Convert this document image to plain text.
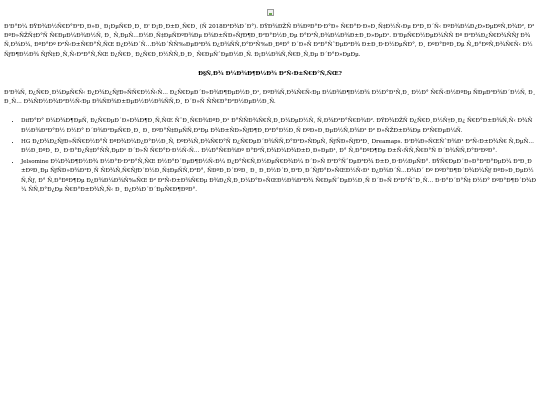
Ð'Ð°Ð¼ ÐŸÐ¾Ð½Ñ€Ð°Ð²Ð¸Ð»Ð¸ Ð¡ÐµÑ€Ð¸Ð¸ Ð' Ð¡Ð¸Ð±Ð¸Ñ€Ð¸ (Ñ 2018Ð³Ð¾Ð´Ð°). ÐŸÐ¾ÐŽÑ Ð¾ÐºÐ°Ð·Ð°Ð» Ñ€Ð°Ð·Ð»Ð¸Ñ‡Ð½Ñ‹Ðµ Ð²Ð¸Ð´Ñ‹ ÐºÐ¾Ð¼Ð¿Ð»ÐµÐºÑ‚Ð¾Ð², Ð²ÐºÐ»ÑŽÑ‡Ð°Ñ Ñ€ÐµÐ¼Ð¾Ð½Ñ‚ Ð¸ Ñ‚ÐµÑ…Ð½Ð¸Ñ‡ÐµÑÐºÐ¾Ðµ Ð¾Ð±ÑÐ»ÑƒÐ¶Ð¸Ð²Ð°Ð½Ð¸Ðµ Ð°Ð²Ñ‚Ð¾Ð¼Ð¾Ð±Ð¸Ð»ÐµÐ¹. Ð'ÐµÑ€Ð½ÐµÐ¼ÑÑ Ðº Ð²Ð¾Ð¿Ñ€Ð¾ÑÑƒ Ð¾ Ñ‚Ð¾Ð¼, ÐºÐ°Ðº Ð²Ñ‹Ð±Ñ€Ð°Ñ‚ÑŒ Ð¿Ð¾Ð´Ñ…Ð¾Ð´ÑÑ‰ÐµÐ³Ð¾ Ð¿Ð¾ÑÑ‚Ð°Ð²Ñ‰Ð¸ÐºÐ° Ð´Ð»Ñ Ð²Ð°ÑˆÐµÐ³Ð¾ Ð±Ð¸Ð·Ð½ÐµÑÐ°, Ð¸ ÐºÐ°ÐºÐ¸Ðµ Ñ„Ð°ÐºÑ‚Ð¾Ñ€Ñ‹ Ð½ÑƒÐ¶Ð½Ð¾ ÑƒÑ‡Ð¸Ñ‚Ñ‹Ð²Ð°Ñ‚ÑŒ Ð¿Ñ€Ð¸ Ð¿Ñ€Ð¸Ð½ÑÑ‚Ð¸Ð¸ Ñ€ÐµÑˆÐµÐ½Ð¸Ñ. Ð¡Ð¼Ð¾Ñ‚Ñ€Ð¸Ñ‚Ðµ Ð´Ð°Ð»ÐµÐµ.

Ð§Ñ‚Ð¾ Ð¼Ð¾Ð¶Ð½Ð¾ Ð²Ñ‹Ð±Ñ€Ð°Ñ‚ÑŒ?

Ð'Ð¾Ñ‚ Ð¿Ñ€Ð¸Ð¼ÐµÑ€Ñ‹ Ð¿Ð¾Ð¿ÑƒÐ»ÑÑ€Ð½Ñ‹Ñ… Ð¿Ñ€ÐµÐ´Ð»Ð¾Ð¶ÐµÐ½Ð¸Ð¹, ÐºÐ¾Ñ‚Ð¾Ñ€Ñ‹Ðµ Ð¼Ð¾Ð¶Ð½Ð¾ Ð½Ð°Ð¹Ñ‚Ð¸ Ð½Ð° Ñ€Ñ‹Ð½ÐºÐµ ÑÐµÐ³Ð¾Ð´Ð½Ñ, Ð¸ Ð¸Ñ… Ð¾ÑÐ½Ð¾Ð²Ð½Ñ‹Ðµ Ð¾ÑÐ¾Ð±ÐµÐ½Ð½Ð¾ÑÑ‚Ð¸ Ð´Ð»Ñ ÑÑ€Ð°Ð²Ð½ÐµÐ½Ð¸Ñ.

• DifÐ°Ð° Ð¼Ð¾Ð¶ÐµÑ‚ Ð¿Ñ€ÐµÐ´Ð»Ð¾Ð¶Ð¸Ñ‚ÑŒ ÑˆÐ¸Ñ€Ð¾ÐºÐ¸Ð¹ Ð°ÑÑÐ¾Ñ€Ñ‚Ð¸Ð¼ÐµÐ½Ñ‚ Ñ‚Ð¾Ð²Ð°Ñ€Ð¾Ð². ÐŸÐ¾ÐŽÑ Ð¿Ñ€Ð¸Ð½Ñ†Ð¸Ð¿ Ñ€Ð°Ð±Ð¾Ñ‚Ñ‹ Ð¾ÑÐ½Ð¾Ð²Ð°Ð½ Ð½Ð° Ð´Ð¾Ð²ÐµÑ€Ð¸Ð¸ Ð¸ ÐºÐ°Ñ‡ÐµÑÑ‚Ð²Ðµ Ð¾Ð±ÑÐ»ÑƒÐ¶Ð¸Ð²Ð°Ð½Ð¸Ñ ÐºÐ»Ð¸ÐµÐ½Ñ‚Ð¾Ð² Ð² Ð»ÑŽÐ±Ð¾Ðµ Ð²Ñ€ÐµÐ¼Ñ.
• HG Ð¿Ð¾Ð¿ÑƒÐ»ÑÑ€Ð½Ð°Ñ ÐºÐ¾Ð¼Ð¿Ð°Ð½Ð¸Ñ, ÐºÐ¾Ñ‚Ð¾Ñ€Ð°Ñ Ð¿Ñ€ÐµÐ´Ð¾ÑÑ‚Ð°Ð²Ð»ÑÐµÑ‚ ÑƒÑÐ»ÑƒÐ³Ð¸ Dreamaps. Ð'Ð¾Ð»ÑŒÑˆÐ¾Ð¹ Ð²Ñ‹Ð±Ð¾Ñ€ Ñ‚ÐµÑ…Ð½Ð¸ÐºÐ¸ Ð¸ Ð·Ð°Ð¿Ñ‡Ð°ÑÑ‚ÐµÐ¹ Ð´Ð»Ñ Ñ€Ð°Ð·Ð½Ñ‹Ñ… Ð¼Ð°Ñ€Ð¾Ðº Ð°Ð²Ñ‚Ð¾Ð¼Ð¾Ð±Ð¸Ð»ÐµÐ¹, Ð° Ñ‚Ð°ÐºÐ¶Ðµ Ð±Ñ‹ÑÑ‚Ñ€Ð°Ñ Ð´Ð¾ÑÑ‚Ð°Ð²ÐºÐ°.
• Jelsomine Ð¼Ð¾Ð¶Ð½Ð¾ Ð½Ð°Ð·Ð²Ð°Ñ‚ÑŒ Ð½Ð°Ð´ÐµÐ¶Ð½Ñ‹Ð¼ Ð¿Ð°Ñ€Ñ‚Ð½ÐµÑ€Ð¾Ð¼ Ð´Ð»Ñ Ð²Ð°ÑˆÐµÐ³Ð¾ Ð±Ð¸Ð·Ð½ÐµÑÐ°. ÐŸÑ€ÐµÐ´Ð»Ð°Ð³Ð°ÐµÐ¼ Ð³Ð¸Ð±ÐºÐ¸Ðµ ÑƒÑÐ»Ð¾Ð²Ð¸Ñ ÑÐ¾Ñ‚Ñ€ÑƒÐ´Ð½Ð¸Ñ‡ÐµÑÑ‚Ð²Ð°, ÑÐºÐ¸Ð´ÐºÐ¸ Ð¸ Ð¸Ð½Ð´Ð¸Ð²Ð¸Ð´ÑƒÐ°Ð»ÑŒÐ½Ñ‹Ð¹ Ð¿Ð¾Ð´Ñ…Ð¾Ð´ Ðº ÐºÐ°Ð¶Ð´Ð¾Ð¼Ñƒ ÐºÐ»Ð¸ÐµÐ½Ñ‚Ñƒ, Ð° Ñ‚Ð°ÐºÐ¶Ðµ Ð¿Ð¾Ð¼Ð¾Ñ‰ÑŒ Ð² Ð²Ñ‹Ð±Ð¾Ñ€Ðµ Ð¾Ð¿Ñ‚Ð¸Ð¼Ð°Ð»ÑŒÐ½Ð¾Ð³Ð¾ Ñ€ÐµÑˆÐµÐ½Ð¸Ñ Ð´Ð»Ñ Ð²Ð°ÑˆÐ¸Ñ… Ð·Ð°Ð´Ð°Ñ‡ Ð½Ð° ÐºÐ°Ð¶Ð´Ð¾Ð¼ ÑÑ‚Ð°Ð¿Ðµ Ñ€Ð°Ð±Ð¾Ñ‚Ñ‹ Ð¸ Ð¿Ð¾Ð´Ð´ÐµÑ€Ð¶ÐºÐ°.
